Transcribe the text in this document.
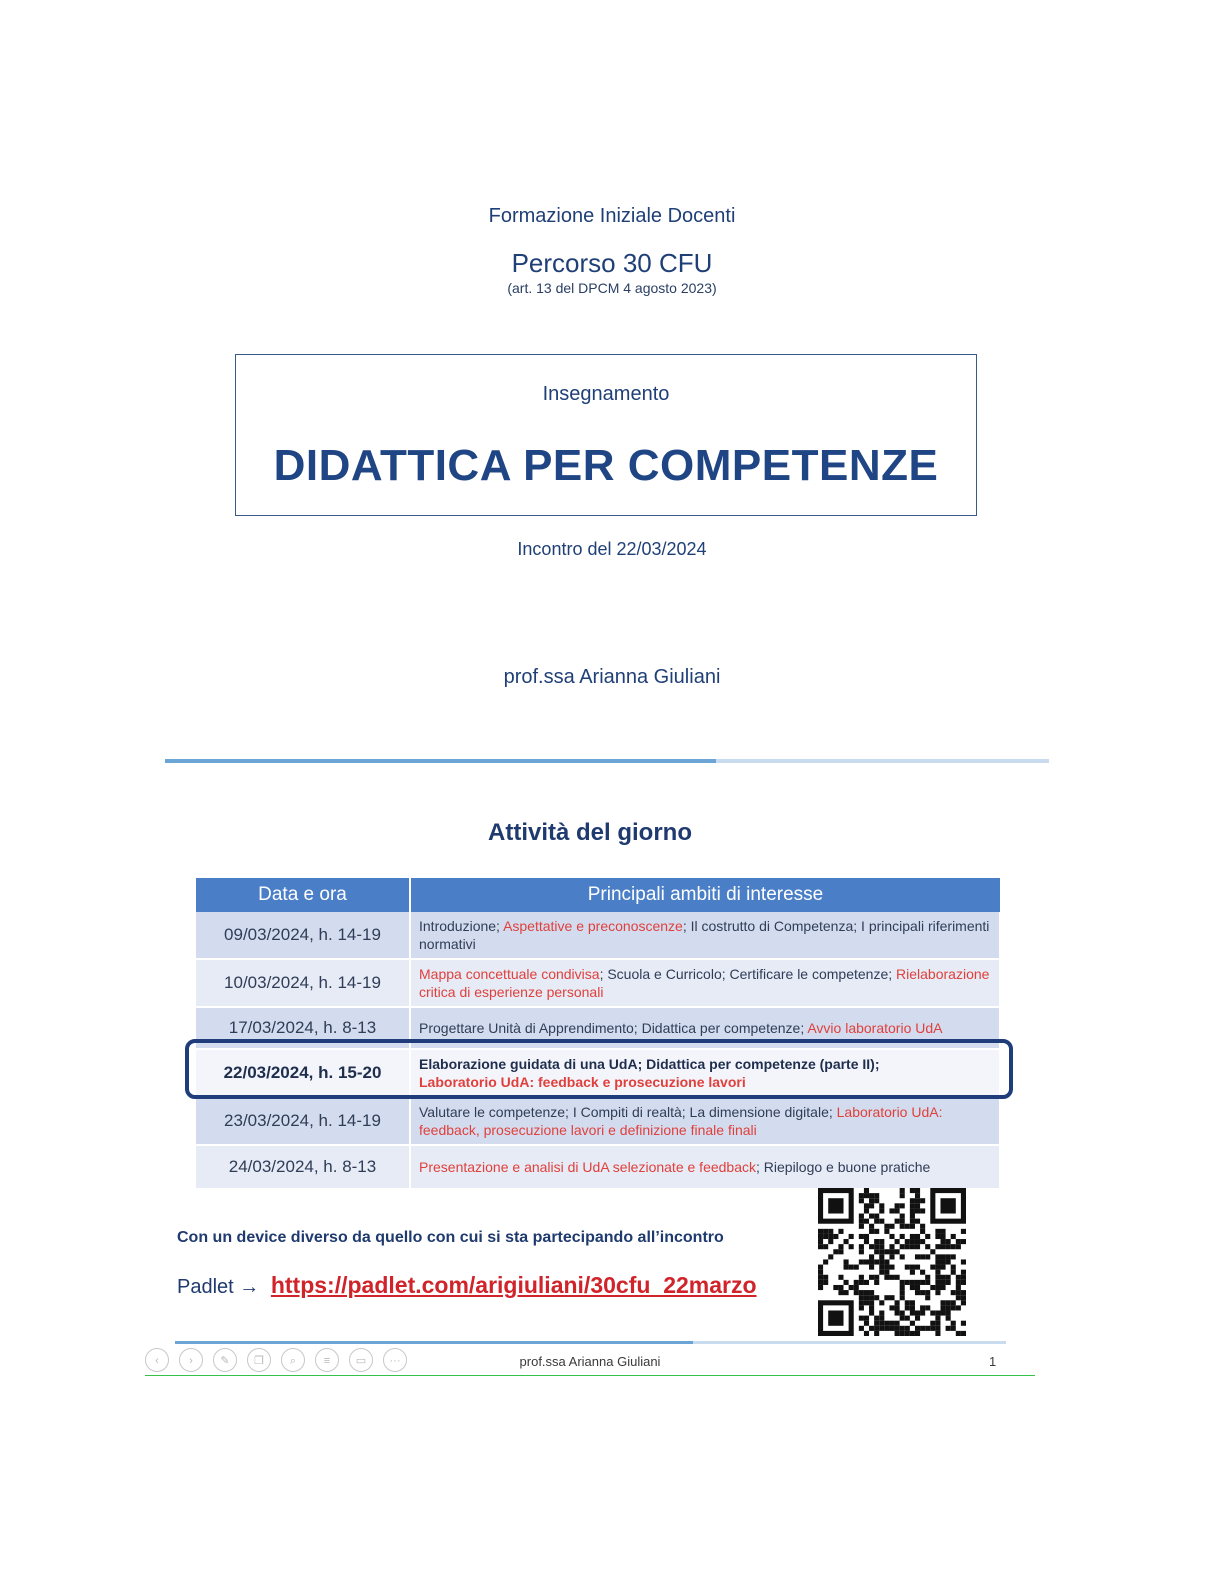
Formazione Iniziale Docenti
Percorso 30 CFU
(art. 13 del DPCM 4 agosto 2023)
Insegnamento
DIDATTICA PER COMPETENZE
Incontro del 22/03/2024
prof.ssa Arianna Giuliani
Attività del giorno
Data e ora	Principali ambiti di interesse
09/03/2024, h. 14-19	Introduzione; Aspettative e preconoscenze; Il costrutto di Competenza; I principali riferimenti normativi
10/03/2024, h. 14-19	Mappa concettuale condivisa; Scuola e Curricolo; Certificare le competenze; Rielaborazione critica di esperienze personali
17/03/2024, h. 8-13	Progettare Unità di Apprendimento; Didattica per competenze; Avvio laboratorio UdA
22/03/2024, h. 15-20	Elaborazione guidata di una UdA; Didattica per competenze (parte II);
Laboratorio UdA: feedback e prosecuzione lavori
23/03/2024, h. 14-19	Valutare le competenze; I Compiti di realtà; La dimensione digitale; Laboratorio UdA: feedback, prosecuzione lavori e definizione finale finali
24/03/2024, h. 8-13	Presentazione e analisi di UdA selezionate e feedback; Riepilogo e buone pratiche
Con un device diverso da quello con cui si sta partecipando all’incontro
Padlet → https://padlet.com/arigiuliani/30cfu_22marzo
‹	›	✎	❐	⌕	≡	▭	···	prof.ssa Arianna Giuliani	1
